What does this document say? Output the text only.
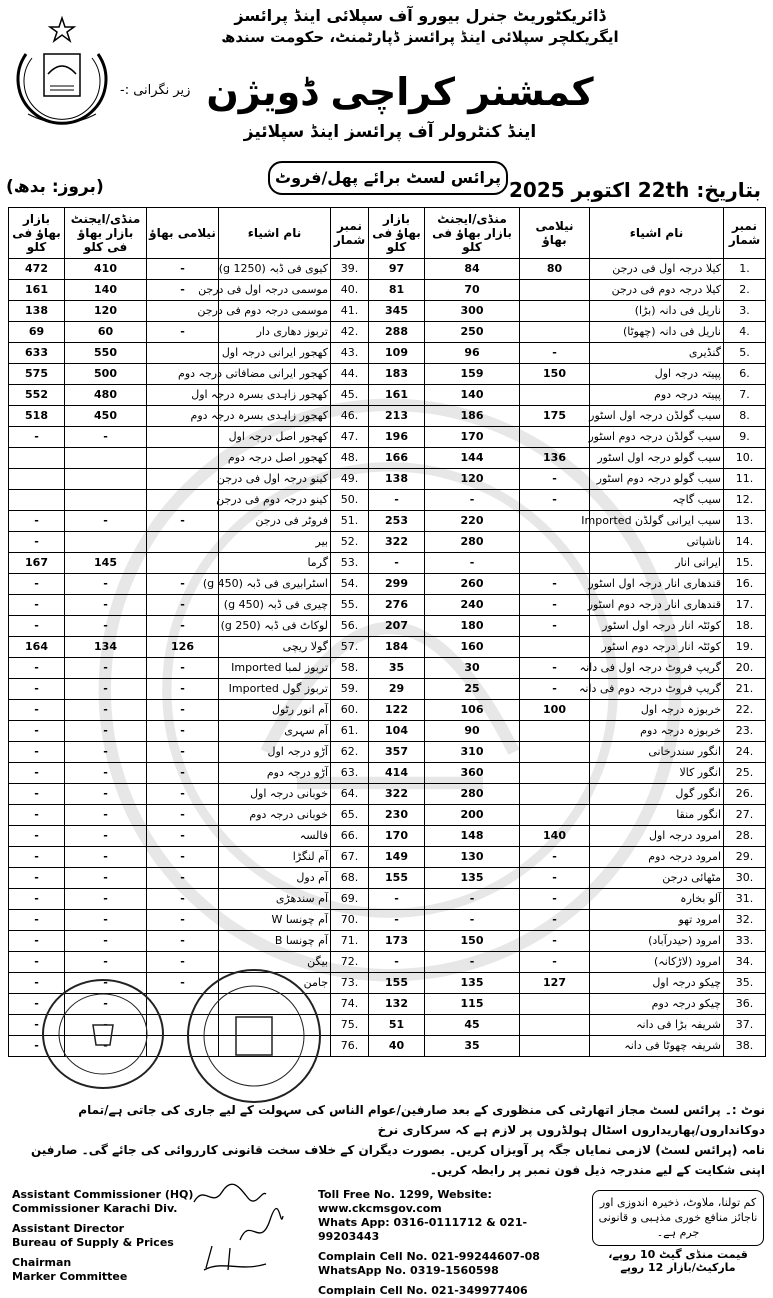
ڈائریکٹوریٹ جنرل بیورو آف سپلائی اینڈ پرائسز
ایگریکلچر سپلائی اینڈ پرائسز ڈپارٹمنٹ، حکومت سندھ
زیر نگرانی :- کمشنر کراچی ڈویژن
اینڈ کنٹرولر آف پرائسز اینڈ سپلائیز
پرائس لسٹ برائے پھل/فروٹ
بتاریخ: 22th اکتوبر 2025
(بروز: بدھ)
نمبر شمار	نام اشیاء	نیلامی بھاؤ	منڈی/ایجنٹ بازار بھاؤ فی کلو	بازار بھاؤ فی کلو	نمبر شمار	نام اشیاء	نیلامی بھاؤ	منڈی/ایجنٹ بازار بھاؤ فی کلو	بازار بھاؤ فی کلو
1.	کیلا درجہ اول فی درجن	80	84	97	39.	کیوی فی ڈبہ (1250 g)	-	410	472
2.	کیلا درجہ دوم فی درجن		70	81	40.	موسمی درجہ اول فی درجن	-	140	161
3.	ناریل فی دانہ (بڑا)		300	345	41.	موسمی درجہ دوم فی درجن		120	138
4.	ناریل فی دانہ (چھوٹا)		250	288	42.	تربوز دھاری دار	-	60	69
5.	گنڈیری	-	96	109	43.	کھجور ایرانی درجہ اول		550	633
6.	پپیتہ درجہ اول	150	159	183	44.	کھجور ایرانی مضافاتی درجہ دوم		500	575
7.	پپیتہ درجہ دوم		140	161	45.	کھجور زاہدی بسرہ درجہ اول		480	552
8.	سیب گولڈن درجہ اول اسٹور	175	186	213	46.	کھجور زاہدی بسرہ درجہ دوم		450	518
9.	سیب گولڈن درجہ دوم اسٹور		170	196	47.	کھجور اصل درجہ اول		-	-
10.	سیب گولو درجہ اول اسٹور	136	144	166	48.	کھجور اصل درجہ دوم			
11.	سیب گولو درجہ دوم اسٹور	-	120	138	49.	کینو درجہ اول فی درجن			
12.	سیب گاچہ	-	-	-	50.	کینو درجہ دوم فی درجن			
13.	سیب ایرانی گولڈن Imported		220	253	51.	فروٹر فی درجن	-	-	-
14.	ناشپاتی		280	322	52.	بیر			-
15.	ایرانی انار		-	-	53.	گرما		145	167
16.	قندھاری انار درجہ اول اسٹور	-	260	299	54.	اسٹرابیری فی ڈبہ (450 g)	-	-	-
17.	قندھاری انار درجہ دوم اسٹور	-	240	276	55.	چیری فی ڈبہ (450 g)	-	-	-
18.	کوئٹہ انار درجہ اول اسٹور	-	180	207	56.	لوکاٹ فی ڈبہ (250 g)	-	-	-
19.	کوئٹہ انار درجہ دوم اسٹور		160	184	57.	گولا ریچی	126	134	164
20.	گریپ فروٹ درجہ اول فی دانہ	-	30	35	58.	تربوز لمبا Imported	-	-	-
21.	گریپ فروٹ درجہ دوم فی دانہ	-	25	29	59.	تربوز گول Imported	-	-	-
22.	خربوزہ درجہ اول	100	106	122	60.	آم انور رٹول	-	-	-
23.	خربوزہ درجہ دوم		90	104	61.	آم سہری	-	-	-
24.	انگور سندرخانی		310	357	62.	آڑو درجہ اول	-	-	-
25.	انگور کالا		360	414	63.	آڑو درجہ دوم	-	-	-
26.	انگور گول		280	322	64.	خوبانی درجہ اول	-	-	-
27.	انگور منقا		200	230	65.	خوبانی درجہ دوم	-	-	-
28.	امرود درجہ اول	140	148	170	66.	فالسہ	-	-	-
29.	امرود درجہ دوم	-	130	149	67.	آم لنگڑا	-	-	-
30.	مٹھائی درجن	-	135	155	68.	آم دول	-	-	-
31.	آلو بخارہ	-	-	-	69.	آم سندھڑی	-	-	-
32.	امرود تھو	-	-	-	70.	آم چونسا W	-	-	-
33.	امرود (حیدرآباد)	-	150	173	71.	آم چونسا B	-	-	-
34.	امرود (لاڑکانہ)	-	-	-	72.	بیگن	-	-	-
35.	چیکو درجہ اول	127	135	155	73.	جامن	-	-	-
36.	چیکو درجہ دوم		115	132	74.			-	-
37.	شریفہ بڑا فی دانہ		45	51	75.			-	-
38.	شریفہ چھوٹا فی دانہ		35	40	76.			-	-
نوٹ :۔ پرائس لسٹ مجاز اتھارٹی کی منظوری کے بعد صارفین/عوام الناس کی سہولت کے لیے جاری کی جاتی ہے/تمام دوکانداروں/پھاریداروں اسٹال ہولڈروں پر لازم ہے کہ سرکاری نرخ
نامہ (پرائس لسٹ) لازمی نمایاں جگہ پر آویزاں کریں۔ بصورت دیگران کے خلاف سخت قانونی کارروائی کی جائے گی۔ صارفین اپنی شکایت کے لیے مندرجہ ذیل فون نمبر پر رابطہ کریں۔
Assistant Commissioner (HQ)
Commissioner Karachi Div.
Assistant Director
Bureau of Supply & Prices
Chairman
Marker Committee
Toll Free No. 1299, Website: www.ckcmsgov.com
Whats App: 0316-0111712 & 021-99203443
Complain Cell No. 021-99244607-08
WhatsApp No. 0319-1560598
Complain Cell No. 021-349977406
کم تولنا، ملاوٹ، ذخیرہ اندوزی اور ناجائز منافع خوری مذہبی و قانونی جرم ہے۔
قیمت منڈی گیٹ 10 روپے، مارکیٹ/بازار 12 روپے
